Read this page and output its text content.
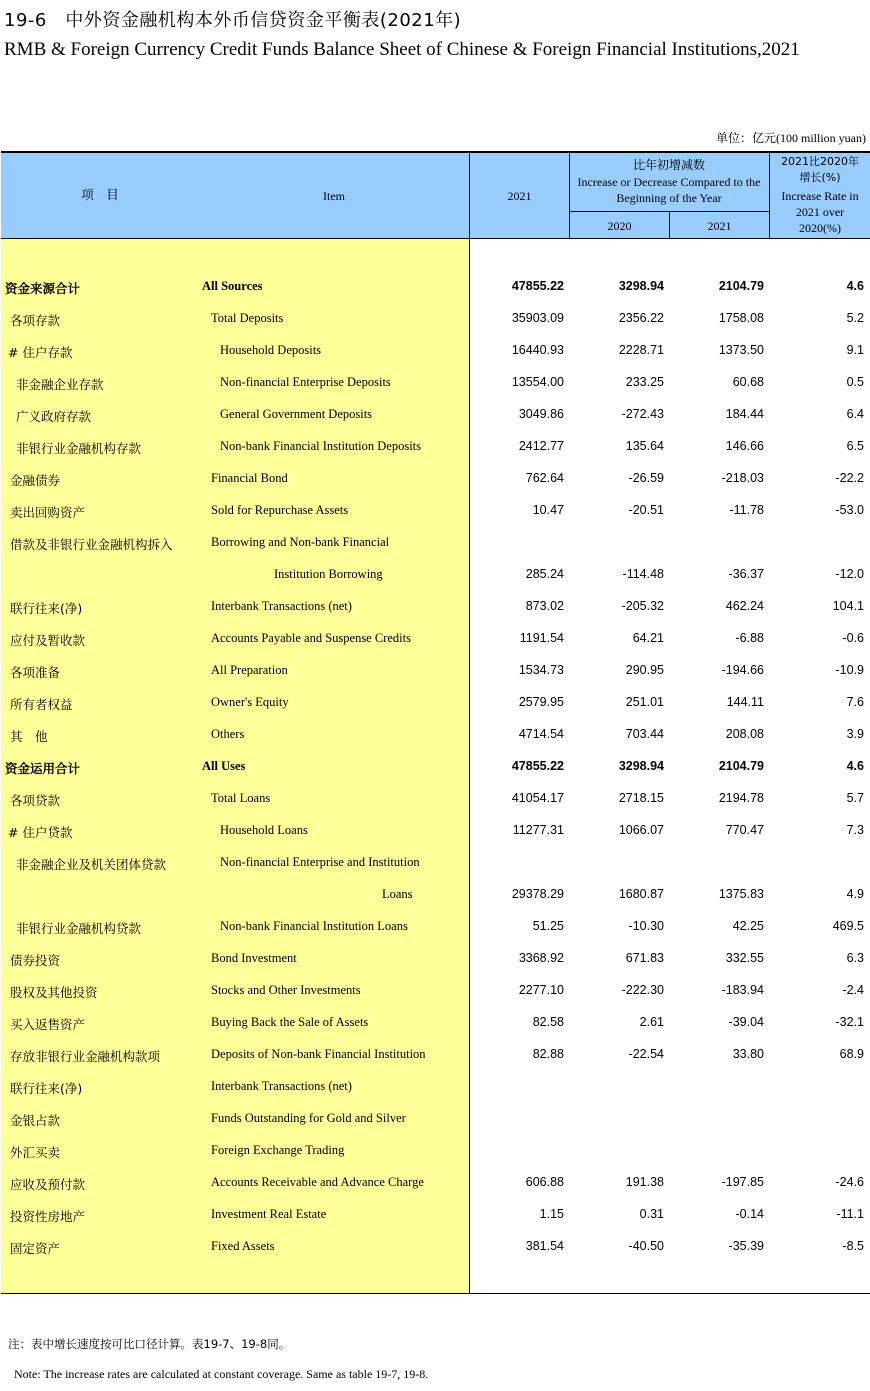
19-6　中外资金融机构本外币信贷资金平衡表(2021年)
RMB & Foreign Currency Credit Funds Balance Sheet of Chinese & Foreign Financial Institutions,2021
单位：亿元(100 million yuan)
项　目	Item	2021
比年初增减数
Increase or Decrease Compared to the Beginning of the Year
2020	2021
2021比2020年增长(%)
Increase Rate in 2021 over 2020(%)
资金来源合计	All Sources	47855.22	3298.94	2104.79	4.6
各项存款	Total Deposits	35903.09	2356.22	1758.08	5.2
# 住户存款	Household Deposits	16440.93	2228.71	1373.50	9.1
非金融企业存款	Non-financial Enterprise Deposits	13554.00	233.25	60.68	0.5
广义政府存款	General Government Deposits	3049.86	-272.43	184.44	6.4
非银行业金融机构存款	Non-bank Financial Institution Deposits	2412.77	135.64	146.66	6.5
金融债券	Financial Bond	762.64	-26.59	-218.03	-22.2
卖出回购资产	Sold for Repurchase Assets	10.47	-20.51	-11.78	-53.0
借款及非银行业金融机构拆入	Borrowing and Non-bank Financial
Institution Borrowing	285.24	-114.48	-36.37	-12.0
联行往来(净)	Interbank Transactions (net)	873.02	-205.32	462.24	104.1
应付及暂收款	Accounts Payable and Suspense Credits	1191.54	64.21	-6.88	-0.6
各项准备	All Preparation	1534.73	290.95	-194.66	-10.9
所有者权益	Owner's Equity	2579.95	251.01	144.11	7.6
其　他	Others	4714.54	703.44	208.08	3.9
资金运用合计	All Uses	47855.22	3298.94	2104.79	4.6
各项贷款	Total Loans	41054.17	2718.15	2194.78	5.7
# 住户贷款	Household Loans	11277.31	1066.07	770.47	7.3
非金融企业及机关团体贷款	Non-financial Enterprise and Institution
Loans	29378.29	1680.87	1375.83	4.9
非银行业金融机构贷款	Non-bank Financial Institution Loans	51.25	-10.30	42.25	469.5
债券投资	Bond Investment	3368.92	671.83	332.55	6.3
股权及其他投资	Stocks and Other Investments	2277.10	-222.30	-183.94	-2.4
买入返售资产	Buying Back the Sale of Assets	82.58	2.61	-39.04	-32.1
存放非银行业金融机构款项	Deposits of Non-bank Financial Institution	82.88	-22.54	33.80	68.9
联行往来(净)	Interbank Transactions (net)
金银占款	Funds Outstanding for Gold and Silver
外汇买卖	Foreign Exchange Trading
应收及预付款	Accounts Receivable and Advance Charge	606.88	191.38	-197.85	-24.6
投资性房地产	Investment Real Estate	1.15	0.31	-0.14	-11.1
固定资产	Fixed Assets	381.54	-40.50	-35.39	-8.5
注：表中增长速度按可比口径计算。表19-7、19-8同。
Note: The increase rates are calculated at constant coverage. Same as table 19-7, 19-8.
